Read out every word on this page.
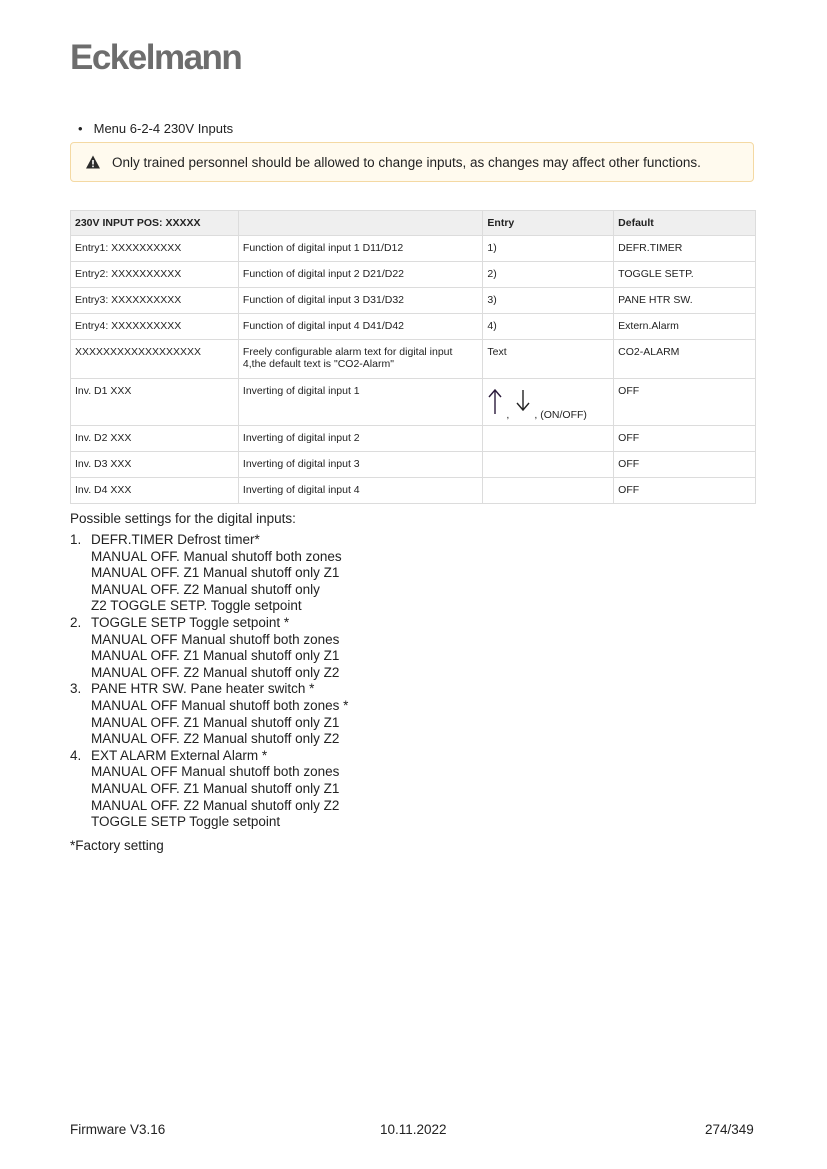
Eckelmann
• Menu 6-2-4 230V Inputs
Only trained personnel should be allowed to change inputs, as changes may affect other functions.
230V INPUT POS: XXXXX		Entry	Default
Entry1: XXXXXXXXXX	Function of digital input 1 D11/D12	1)	DEFR.TIMER
Entry2: XXXXXXXXXX	Function of digital input 2 D21/D22	2)	TOGGLE SETP.
Entry3: XXXXXXXXXX	Function of digital input 3 D31/D32	3)	PANE HTR SW.
Entry4: XXXXXXXXXX	Function of digital input 4 D41/D42	4)	Extern.Alarm
XXXXXXXXXXXXXXXXXX	Freely configurable alarm text for digital input 4,the default text is "CO2-Alarm"	Text	CO2-ALARM
Inv. D1 XXX	Inverting of digital input 1	, , (ON/OFF)	OFF
Inv. D2 XXX	Inverting of digital input 2		OFF
Inv. D3 XXX	Inverting of digital input 3		OFF
Inv. D4 XXX	Inverting of digital input 4		OFF
Possible settings for the digital inputs:
1. DEFR.TIMER Defrost timer*
MANUAL OFF. Manual shutoff both zones
MANUAL OFF. Z1 Manual shutoff only Z1
MANUAL OFF. Z2 Manual shutoff only
Z2 TOGGLE SETP. Toggle setpoint
2. TOGGLE SETP Toggle setpoint *
MANUAL OFF Manual shutoff both zones
MANUAL OFF. Z1 Manual shutoff only Z1
MANUAL OFF. Z2 Manual shutoff only Z2
3. PANE HTR SW. Pane heater switch *
MANUAL OFF Manual shutoff both zones *
MANUAL OFF. Z1 Manual shutoff only Z1
MANUAL OFF. Z2 Manual shutoff only Z2
4. EXT ALARM External Alarm *
MANUAL OFF Manual shutoff both zones
MANUAL OFF. Z1 Manual shutoff only Z1
MANUAL OFF. Z2 Manual shutoff only Z2
TOGGLE SETP Toggle setpoint
*Factory setting
Firmware V3.16	10.11.2022	274/349
